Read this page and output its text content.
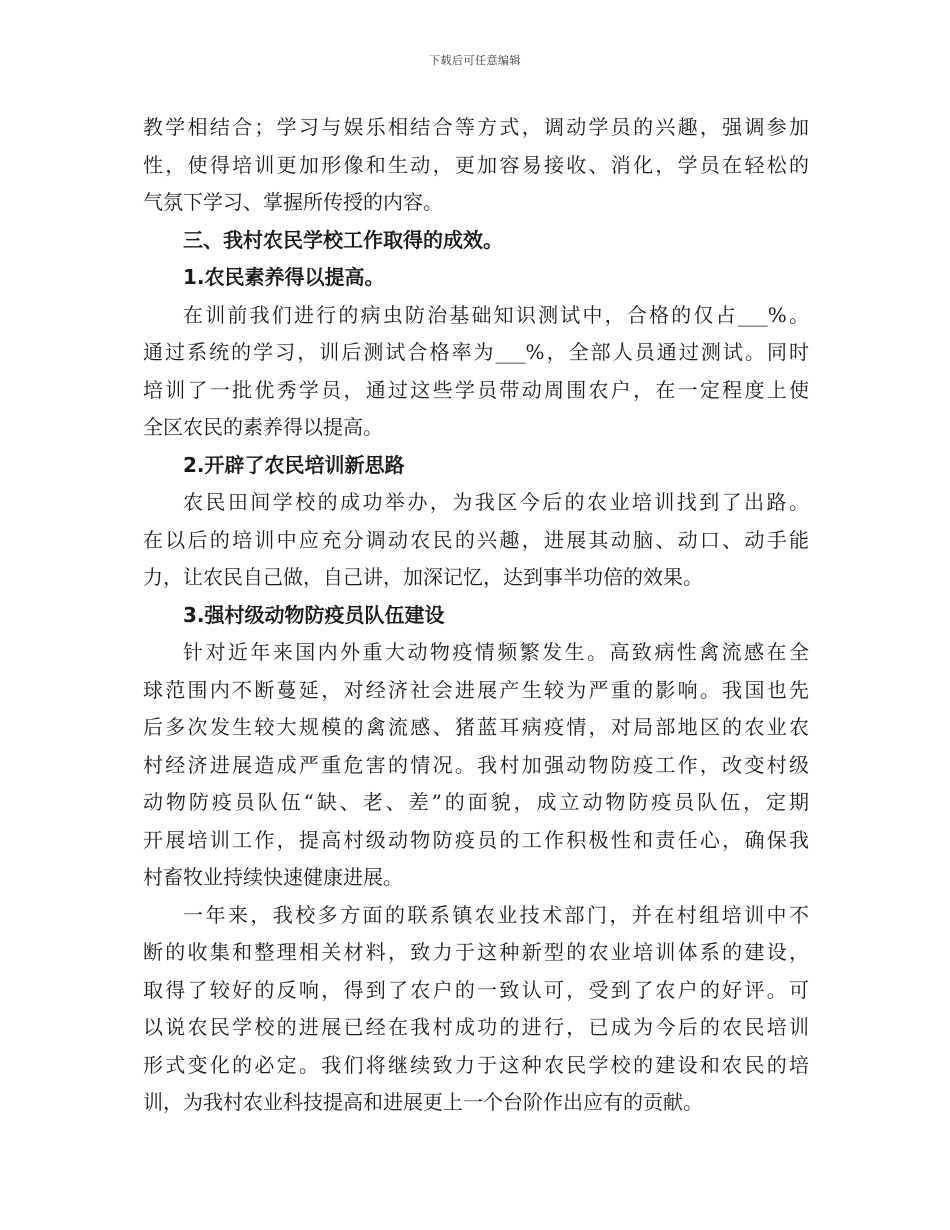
下载后可任意编辑

教学相结合；学习与娱乐相结合等方式，调动学员的兴趣，强调参加
性，使得培训更加形像和生动，更加容易接收、消化，学员在轻松的
气氛下学习、掌握所传授的内容。

三、我村农民学校工作取得的成效。

1.农民素养得以提高。

在训前我们进行的病虫防治基础知识测试中，合格的仅占___%。
通过系统的学习，训后测试合格率为___%，全部人员通过测试。同时
培训了一批优秀学员，通过这些学员带动周围农户，在一定程度上使
全区农民的素养得以提高。

2.开辟了农民培训新思路

农民田间学校的成功举办，为我区今后的农业培训找到了出路。
在以后的培训中应充分调动农民的兴趣，进展其动脑、动口、动手能
力，让农民自己做，自己讲，加深记忆，达到事半功倍的效果。

3.强村级动物防疫员队伍建设

针对近年来国内外重大动物疫情频繁发生。高致病性禽流感在全
球范围内不断蔓延，对经济社会进展产生较为严重的影响。我国也先
后多次发生较大规模的禽流感、猪蓝耳病疫情，对局部地区的农业农
村经济进展造成严重危害的情况。我村加强动物防疫工作，改变村级
动物防疫员队伍“缺、老、差”的面貌，成立动物防疫员队伍，定期
开展培训工作，提高村级动物防疫员的工作积极性和责任心，确保我
村畜牧业持续快速健康进展。

一年来，我校多方面的联系镇农业技术部门，并在村组培训中不
断的收集和整理相关材料，致力于这种新型的农业培训体系的建设，
取得了较好的反响，得到了农户的一致认可，受到了农户的好评。可
以说农民学校的进展已经在我村成功的进行，已成为今后的农民培训
形式变化的必定。我们将继续致力于这种农民学校的建设和农民的培
训，为我村农业科技提高和进展更上一个台阶作出应有的贡献。
